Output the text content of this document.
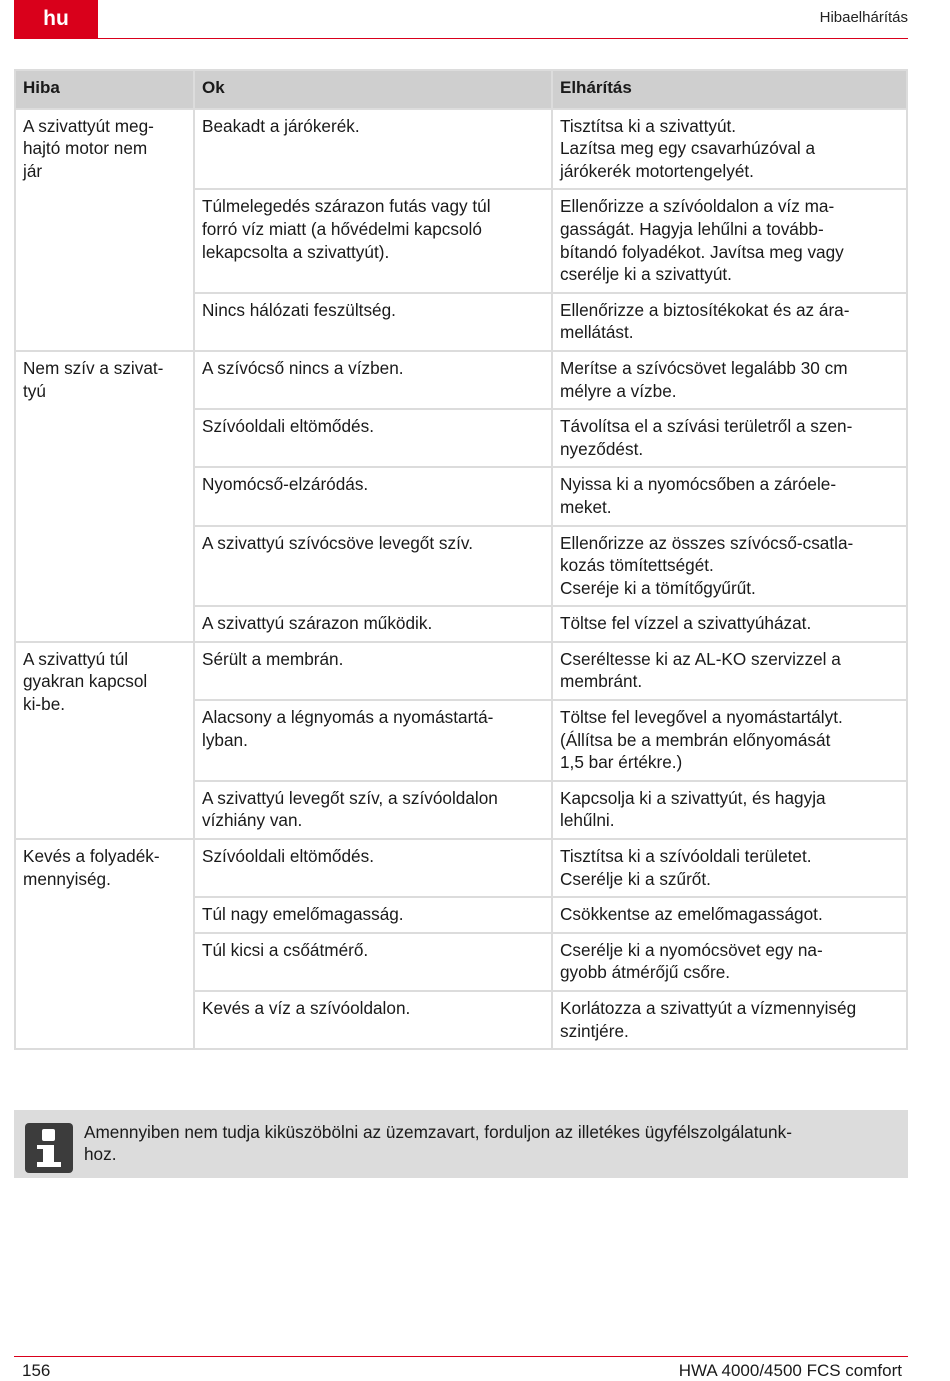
hu	Hibaelhárítás
Hiba	Ok	Elhárítás
A szivattyút meg-
hajtó motor nem
jár	Beakadt a járókerék.	Tisztítsa ki a szivattyút.
Lazítsa meg egy csavarhúzóval a
járókerék motortengelyét.
	Túlmelegedés szárazon futás vagy túl
forró víz miatt (a hővédelmi kapcsoló
lekapcsolta a szivattyút).	Ellenőrizze a szívóoldalon a víz ma-
gasságát. Hagyja lehűlni a tovább-
bítandó folyadékot. Javítsa meg vagy
cserélje ki a szivattyút.
	Nincs hálózati feszültség.	Ellenőrizze a biztosítékokat és az ára-
mellátást.
Nem szív a szivat-
tyú	A szívócső nincs a vízben.	Merítse a szívócsövet legalább 30 cm
mélyre a vízbe.
	Szívóoldali eltömődés.	Távolítsa el a szívási területről a szen-
nyeződést.
	Nyomócső-elzáródás.	Nyissa ki a nyomócsőben a záróele-
meket.
	A szivattyú szívócsöve levegőt szív.	Ellenőrizze az összes szívócső-csatla-
kozás tömítettségét.
Cseréje ki a tömítőgyűrűt.
	A szivattyú szárazon működik.	Töltse fel vízzel a szivattyúházat.
A szivattyú túl
gyakran kapcsol
ki-be.	Sérült a membrán.	Cseréltesse ki az AL-KO szervizzel a
membránt.
	Alacsony a légnyomás a nyomástartá-
lyban.	Töltse fel levegővel a nyomástartályt.
(Állítsa be a membrán előnyomását
1,5 bar értékre.)
	A szivattyú levegőt szív, a szívóoldalon
vízhiány van.	Kapcsolja ki a szivattyút, és hagyja
lehűlni.
Kevés a folyadék-
mennyiség.	Szívóoldali eltömődés.	Tisztítsa ki a szívóoldali területet.
Cserélje ki a szűrőt.
	Túl nagy emelőmagasság.	Csökkentse az emelőmagasságot.
	Túl kicsi a csőátmérő.	Cserélje ki a nyomócsövet egy na-
gyobb átmérőjű csőre.
	Kevés a víz a szívóoldalon.	Korlátozza a szivattyút a vízmennyiség
szintjére.
Amennyiben nem tudja kiküszöbölni az üzemzavart, forduljon az illetékes ügyfélszolgálatunk-
hoz.
156	HWA 4000/4500 FCS comfort
